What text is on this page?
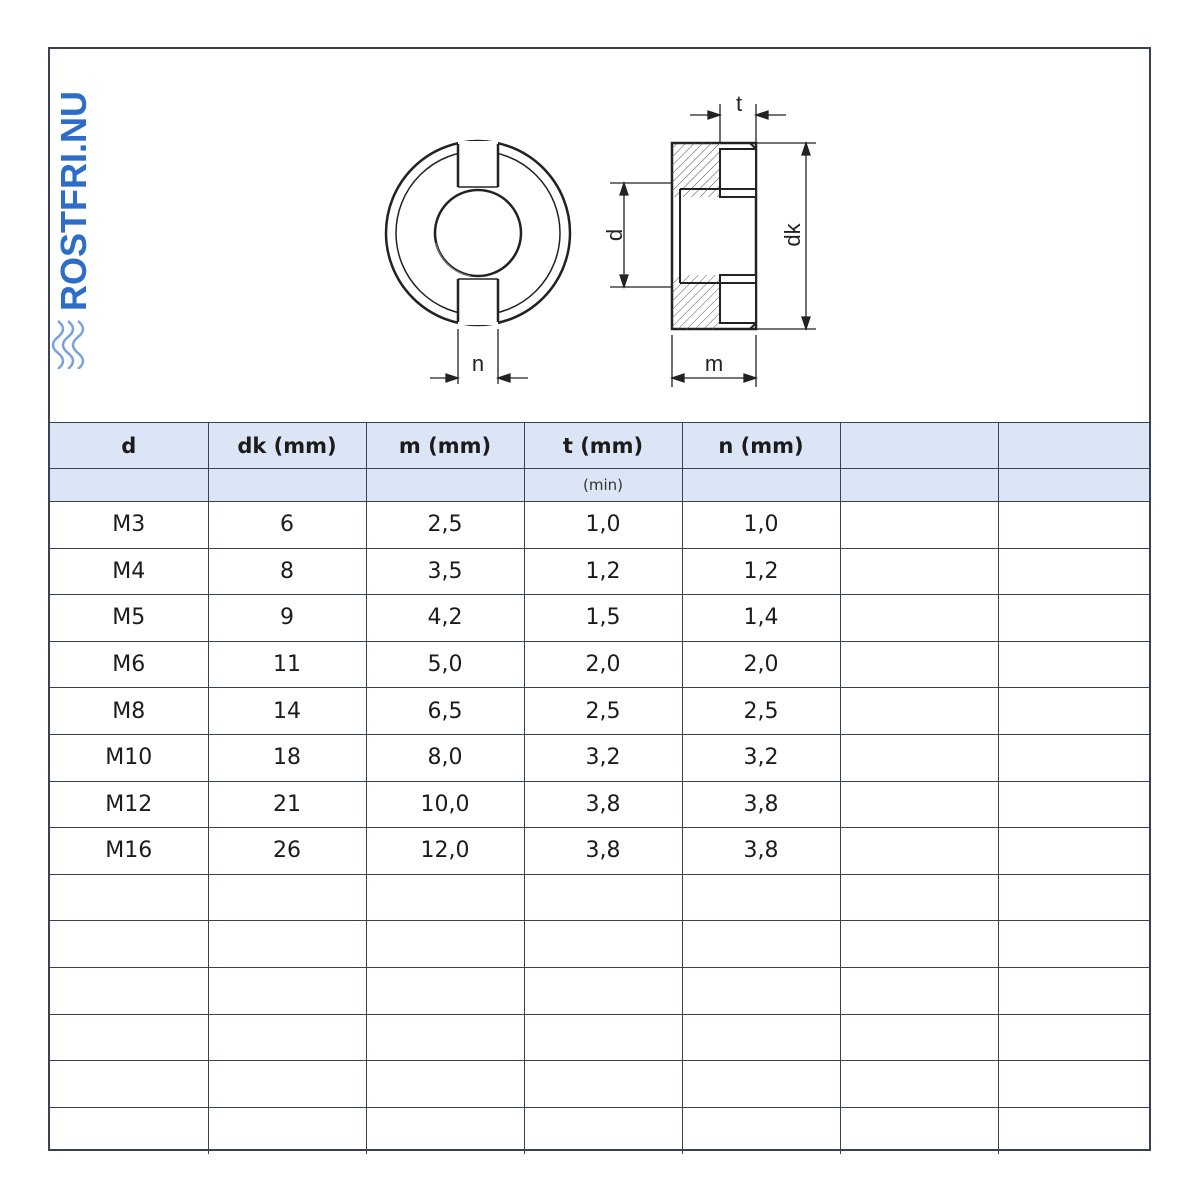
n
t
d	dk
m
ROSTFRI.NU
d	dk (mm)	m (mm)	t (mm)	n (mm)		
			(min)			
M3	6	2,5	1,0	1,0		
M4	8	3,5	1,2	1,2		
M5	9	4,2	1,5	1,4		
M6	11	5,0	2,0	2,0		
M8	14	6,5	2,5	2,5		
M10	18	8,0	3,2	3,2		
M12	21	10,0	3,8	3,8		
M16	26	12,0	3,8	3,8		
